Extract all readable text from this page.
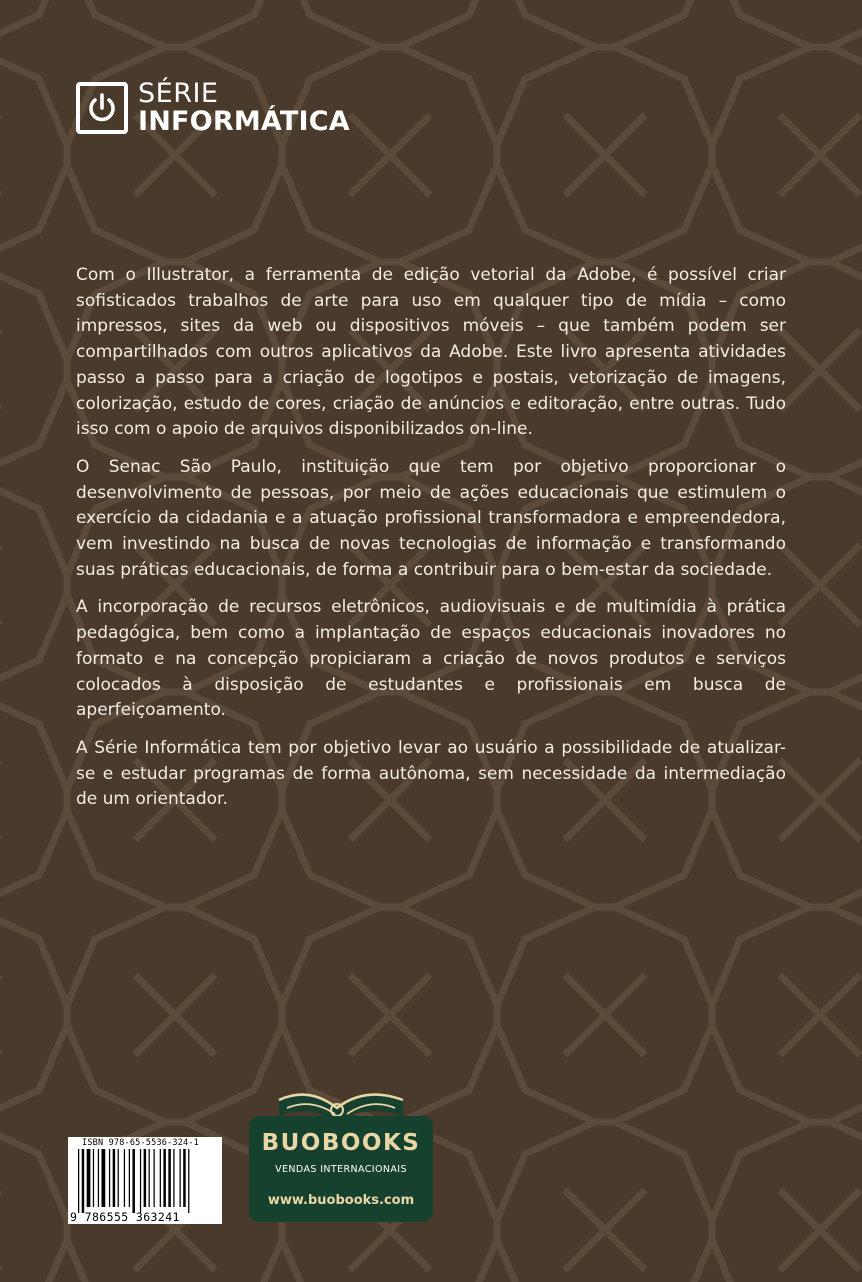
SÉRIE
INFORMÁTICA

Com o Illustrator, a ferramenta de edição vetorial da Adobe, é possível criar sofisticados trabalhos de arte para uso em qualquer tipo de mídia – como impressos, sites da web ou dispositivos móveis – que também podem ser compartilhados com outros aplicativos da Adobe. Este livro apresenta atividades passo a passo para a criação de logotipos e postais, vetorização de imagens, colorização, estudo de cores, criação de anúncios e editoração, entre outras. Tudo isso com o apoio de arquivos disponibilizados on-line.

O Senac São Paulo, instituição que tem por objetivo proporcionar o desenvolvimento de pessoas, por meio de ações educacionais que estimulem o exercício da cidadania e a atuação profissional transformadora e empreendedora, vem investindo na busca de novas tecnologias de informação e transformando suas práticas educacionais, de forma a contribuir para o bem-estar da sociedade.

A incorporação de recursos eletrônicos, audiovisuais e de multimídia à prática pedagógica, bem como a implantação de espaços educacionais inovadores no formato e na concepção propiciaram a criação de novos produtos e serviços colocados à disposição de estudantes e profissionais em busca de aperfeiçoamento.

A Série Informática tem por objetivo levar ao usuário a possibilidade de atualizar-se e estudar programas de forma autônoma, sem necessidade da intermediação de um orientador.

ISBN 978-65-5536-324-1
9 786555 363241
BUOBOOKS
VENDAS INTERNACIONAIS
www.buobooks.com
